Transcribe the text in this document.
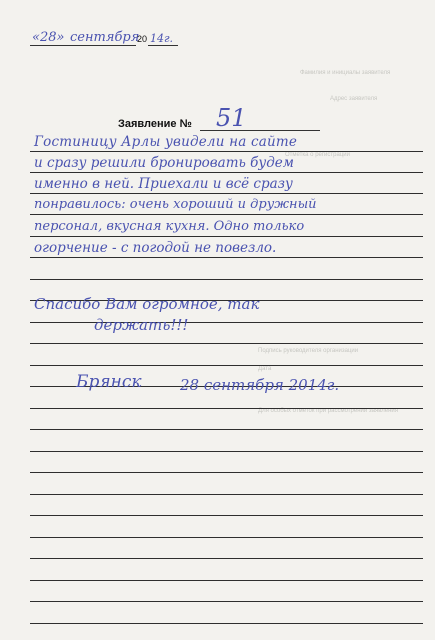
Фамилия и инициалы заявителя
Адрес заявителя
Отметка о регистрации
Подпись руководителя организации
Дата
Для особых отметок при рассмотрении заявления
«28» сентября
20 14г.
Заявление № 51
Гостиницу Арлы увидели на сайте
и сразу решили бронировать будем
именно в ней. Приехали и всё сразу
понравилось: очень хороший и дружный
персонал, вкусная кухня. Одно только
огорчение - с погодой не повезло.
Спасибо Вам огромное, так
держать!!!
Брянск	28 сентября 2014г.
